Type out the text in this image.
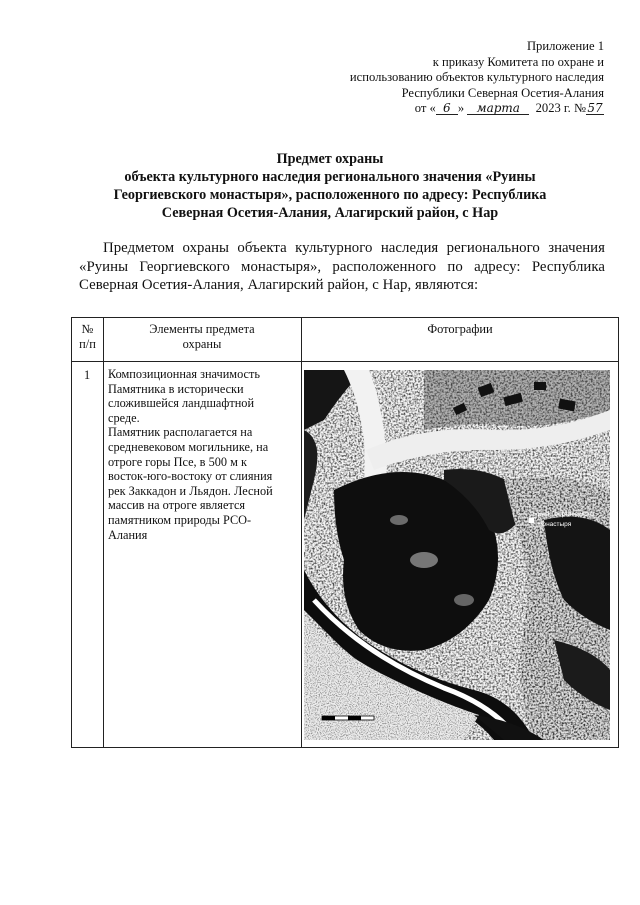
Приложение 1
к приказу Комитета по охране и
использованию объектов культурного наследия
Республики Северная Осетия-Алания
от « 6 » марта 2023 г. №57
Предмет охраны
объекта культурного наследия регионального значения «Руины
Георгиевского монастыря», расположенного по адресу: Республика
Северная Осетия-Алания, Алагирский район, с Нар
Предметом охраны объекта культурного наследия регионального значения «Руины Георгиевского монастыря», расположенного по адресу: Республика Северная Осетия-Алания, Алагирский район, с Нар, являются:
№
п/п
Элементы предмета
охраны
Фотографии
1 Композиционная значимость
Памятника в исторически
сложившейся ландшафтной
среде.
Памятник располагается на
средневековом могильнике, на
отроге горы Псе, в 500 м к
восток-юго-востоку от слияния
рек Заккадон и Льядон. Лесной
массив на отроге является
памятником природы РСО-
Алания
Руины Георгиевского
монастыря
